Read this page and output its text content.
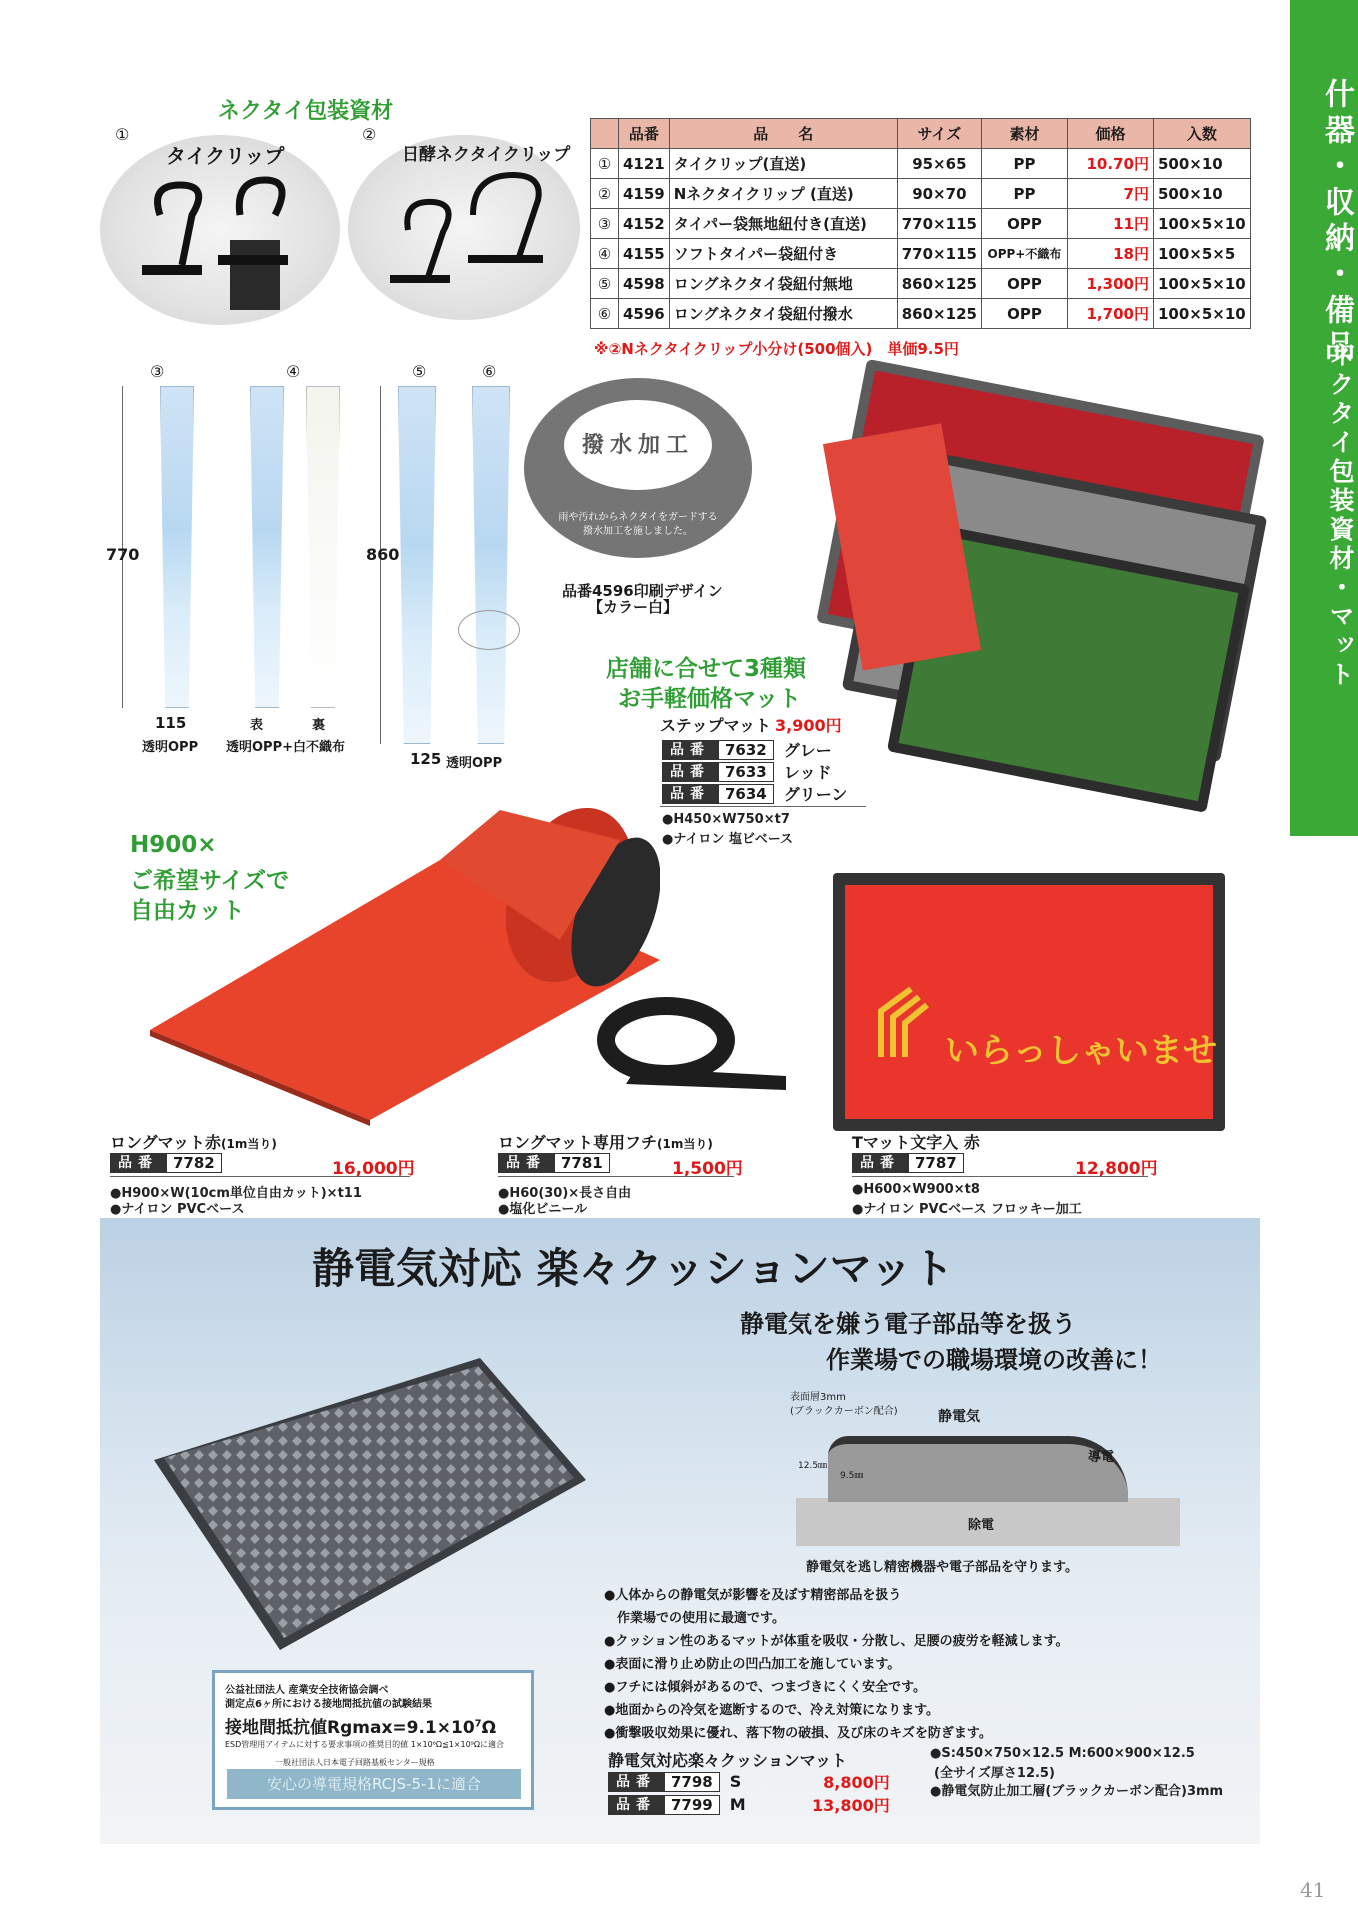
什器・収納・備品
ネクタイ包装資材・マット
ネクタイ包装資材
①
タイクリップ
②
日酵ネクタイクリップ
	品番	品　　名	サイズ	素材	価格	入数
①	4121	タイクリップ(直送)	95×65	PP	10.70円	500×10
②	4159	Nネクタイクリップ (直送)	90×70	PP	7円	500×10
③	4152	タイパー袋無地紐付き(直送)	770×115	OPP	11円	100×5×10
④	4155	ソフトタイパー袋紐付き	770×115	OPP+不織布	18円	100×5×5
⑤	4598	ロングネクタイ袋紐付無地	860×125	OPP	1,300円	100×5×10
⑥	4596	ロングネクタイ袋紐付撥水	860×125	OPP	1,700円	100×5×10
※②Nネクタイクリップ小分け(500個入)　単価9.5円
③	④	⑤	⑥
770	860
115
透明OPP
表	裏
透明OPP+白不織布
125 透明OPP
撥水加工
雨や汚れからネクタイをガードする
撥水加工を施しました。
品番4596印刷デザイン
【カラー白】
店舗に合せて3種類
お手軽価格マット
ステップマット 3,900円
品番	7632	グレー
品番	7633	レッド
品番	7634	グリーン
●H450×W750×t7
●ナイロン 塩ビベース
H900×
ご希望サイズで
自由カット
いらっしゃいませ
ロングマット赤(1m当り)
品番	7782	16,000円
●H900×W(10cm単位自由カット)×t11
●ナイロン PVCベース
ロングマット専用フチ(1m当り)
品番	7781	1,500円
●H60(30)×長さ自由
●塩化ビニール
Tマット文字入 赤
品番	7787	12,800円
●H600×W900×t8
●ナイロン PVCベース フロッキー加工
静電気対応 楽々クッションマット
静電気を嫌う電子部品等を扱う
作業場での職場環境の改善に！
表面層3mm
(ブラックカーボン配合)	静電気
導電
除電
12.5㎜
9.5㎜
静電気を逃し精密機器や電子部品を守ります。
●人体からの静電気が影響を及ぼす精密部品を扱う
　作業場での使用に最適です。
●クッション性のあるマットが体重を吸収・分散し、足腰の疲労を軽減します。
●表面に滑り止め防止の凹凸加工を施しています。
●フチには傾斜があるので、つまづきにくく安全です。
●地面からの冷気を遮断するので、冷え対策になります。
●衝撃吸収効果に優れ、落下物の破損、及び床のキズを防ぎます。
公益社団法人 産業安全技術協会調べ
測定点6ヶ所における接地間抵抗値の試験結果
接地間抵抗値$Rgmax=9.1\times 10^7\Omega$
ESD管理用アイテムに対する要求事項の推奨目的値 1×10⁶Ω≦1×10⁹Ωに適合
一般社団法人日本電子回路基板センター規格
安心の導電規格RCJS-5-1に適合
静電気対応楽々クッションマット
品番	7798	S	8,800円
品番	7799	M	13,800円
●S:450×750×12.5 M:600×900×12.5
(全サイズ厚さ12.5)
●静電気防止加工層(ブラックカーボン配合)3mm
41
